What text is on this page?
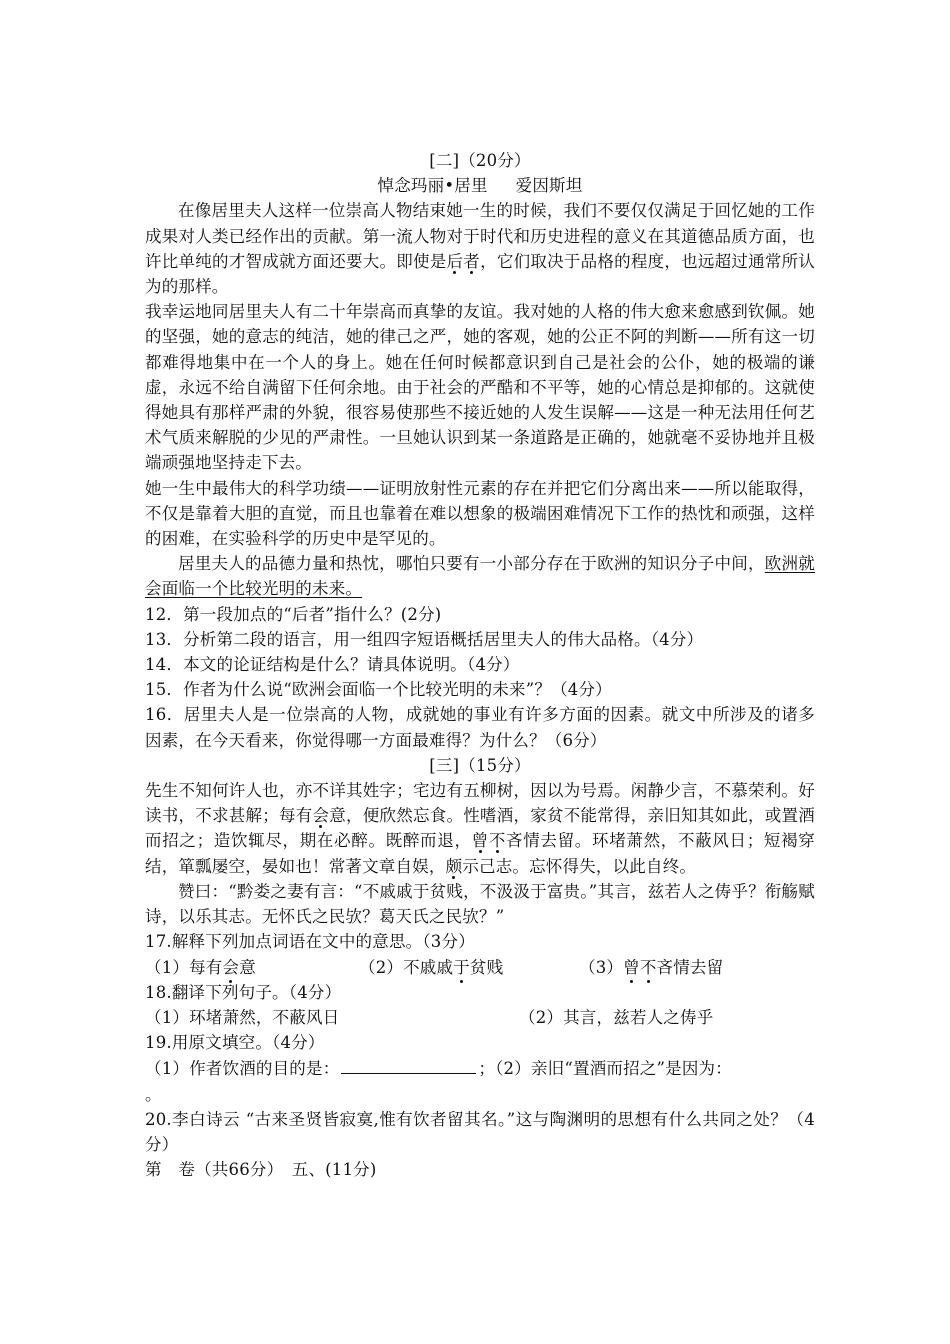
[二]（20分）

悼念玛丽•居里 爱因斯坦

在像居里夫人这样一位崇高人物结束她一生的时候，我们不要仅仅满足于回忆她的工作成果对人类已经作出的贡献。第一流人物对于时代和历史进程的意义在其道德品质方面，也许比单纯的才智成就方面还要大。即使是后者，它们取决于品格的程度，也远超过通常所认为的那样。

我幸运地同居里夫人有二十年崇高而真挚的友谊。我对她的人格的伟大愈来愈感到钦佩。她的坚强，她的意志的纯洁，她的律己之严，她的客观，她的公正不阿的判断——所有这一切都难得地集中在一个人的身上。她在任何时候都意识到自己是社会的公仆，她的极端的谦虚，永远不给自满留下任何余地。由于社会的严酷和不平等，她的心情总是抑郁的。这就使得她具有那样严肃的外貌，很容易使那些不接近她的人发生误解——这是一种无法用任何艺术气质来解脱的少见的严肃性。一旦她认识到某一条道路是正确的，她就毫不妥协地并且极端顽强地坚持走下去。

她一生中最伟大的科学功绩——证明放射性元素的存在并把它们分离出来——所以能取得，不仅是靠着大胆的直觉，而且也靠着在难以想象的极端困难情况下工作的热忱和顽强，这样的困难，在实验科学的历史中是罕见的。

居里夫人的品德力量和热忱，哪怕只要有一小部分存在于欧洲的知识分子中间，欧洲就会面临一个比较光明的未来。

12．第一段加点的“后者”指什么？(2分)

13．分析第二段的语言，用一组四字短语概括居里夫人的伟大品格。（4分）

14．本文的论证结构是什么？请具体说明。（4分）

15．作者为什么说“欧洲会面临一个比较光明的未来”？（4分）

16．居里夫人是一位崇高的人物，成就她的事业有许多方面的因素。就文中所涉及的诸多因素，在今天看来，你觉得哪一方面最难得？为什么？（6分）

[三]（15分）

先生不知何许人也，亦不详其姓字；宅边有五柳树，因以为号焉。闲静少言，不慕荣利。好读书，不求甚解；每有会意，便欣然忘食。性嗜酒，家贫不能常得，亲旧知其如此，或置酒而招之；造饮辄尽，期在必醉。既醉而退，曾不吝情去留。环堵萧然，不蔽风日；短褐穿结，箪瓢屡空，晏如也！常著文章自娱，颇示己志。忘怀得失，以此自终。

赞曰：“黔娄之妻有言：“不戚戚于贫贱，不汲汲于富贵。”其言，兹若人之俦乎？衔觞赋诗，以乐其志。无怀氏之民欤？葛天氏之民欤？”

17.解释下列加点词语在文中的意思。（3分）

（1）每有会意	（2）不戚戚于贫贱	（3）曾不吝情去留

18.翻译下列句子。（4分）

（1）环堵萧然，不蔽风日	（2）其言，兹若人之俦乎

19.用原文填空。（4分）

（1）作者饮酒的目的是：	；（2）亲旧“置酒而招之”是因为：
。

20.李白诗云 “古来圣贤皆寂寞,惟有饮者留其名。”这与陶渊明的思想有什么共同之处？（4分）

第　卷（共66分）　 五、(11分)
